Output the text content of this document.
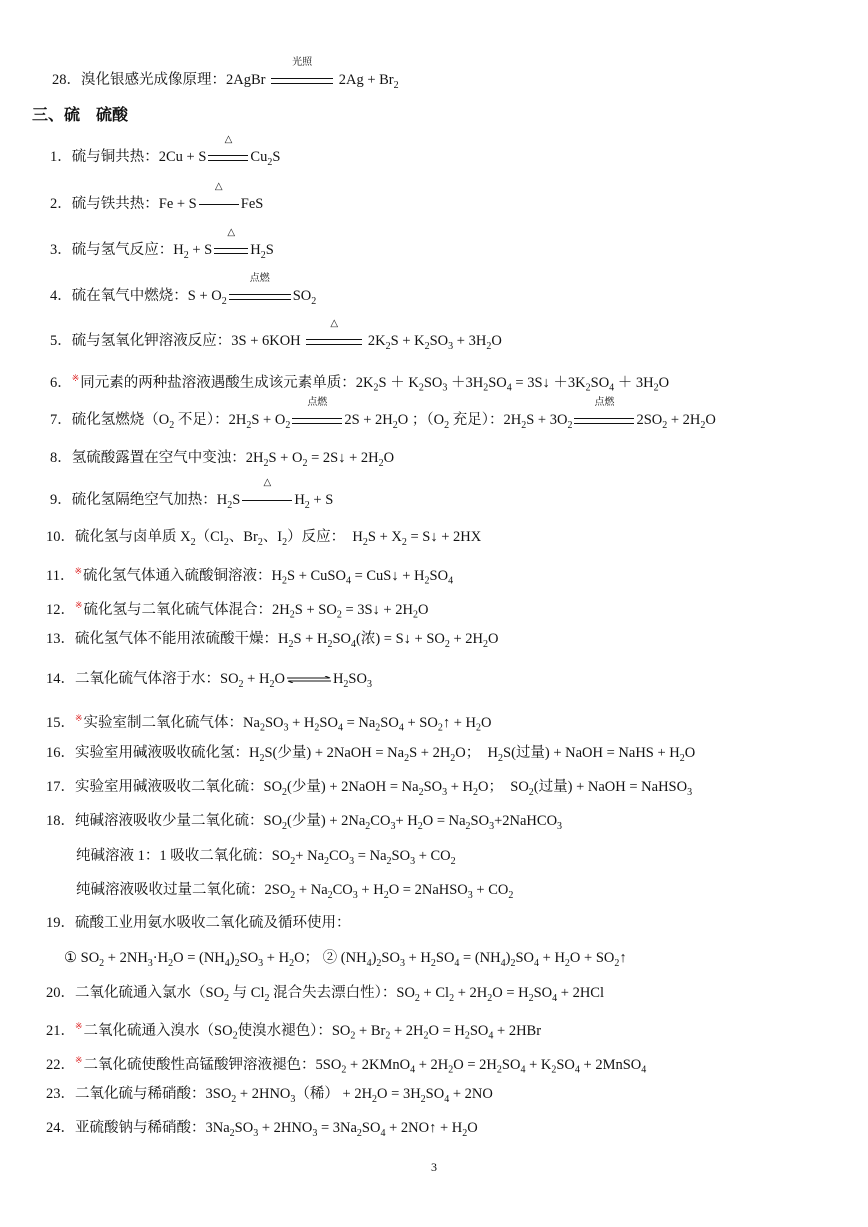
28．溴化银感光成像原理：2AgBr
光照
$2Ag + Br_2$
三、硫　硫酸
1．硫与铜共热：2Cu + S
△
$Cu_2S$
2．硫与铁共热：Fe + S
△
FeS
3．硫与氢气反应：$H_2 + S$
△
$H_2S$
4．硫在氧气中燃烧：$S + O_2$
点燃
$SO_2$
5．硫与氢氧化钾溶液反应：3S + 6KOH
△
$2K_2S + K_2SO_3 + 3H_2O$
6．※同元素的两种盐溶液遇酸生成该元素单质：$2K_2S + K_2SO_3 +3H_2SO_4$ = 3S↓ $+3K_2SO_4 + 3H_2O$
7．硫化氢燃烧（$O_2$ 不足）：$2H_2S + O_2$
点燃
$2S + 2H_2O$ ；（$O_2$ 充足）：$2H_2S + 3O_2$
点燃
$2SO_2 + 2H_2O$
8．氢硫酸露置在空气中变浊：$2H_2S + O_2$ = 2S↓ + $2H_2O$
9．硫化氢隔绝空气加热：$H_2S$
△
$H_2 + S$
10．硫化氢与卤单质 $X_2(Cl_2$、$Br_2$、$I_2$）反应：　$H_2S + X_2$ = S↓ + 2HX
11．※硫化氢气体通入硫酸铜溶液：$H_2S$ + CuSO$_4$ = CuS↓ + $H_2SO_4$
12．※硫化氢与二氧化硫气体混合：$2H_2S + SO_2$ = 3S↓ + $2H_2O$
13．硫化氢气体不能用浓硫酸干燥：$H_2S + H_2SO_4$(浓) = S↓ + $SO_2 + 2H_2O$
14．二氧化硫气体溶于水：$SO_2 + H_2O$ ⇌ $H_2SO_3$
15．※实验室制二氧化硫气体：$Na_2SO_3 + H_2SO_4 = Na_2SO_4$ + $SO_2↑ + H_2O$
16．实验室用碱液吸收硫化氢：$H_2S$(少量) + 2NaOH = $Na_2S + 2H_2O$；　$H_2S$(过量) + NaOH = NaHS + $H_2O$
17．实验室用碱液吸收二氧化硫：$SO_2$(少量) + 2NaOH = $Na_2SO_3 + H_2O$；　$SO_2$(过量) + NaOH = NaHSO$_3$
18．纯碱溶液吸收少量二氧化硫：$SO_2$(少量) + $2Na_2CO_3+ H_2O$ = $Na_2SO_3+2NaHCO_3$
纯碱溶液 1：1 吸收二氧化硫：$SO_2+ Na_2CO_3 = Na_2SO_3 + CO_2$
纯碱溶液吸收过量二氧化硫：$2SO_2 + Na_2CO_3 + H_2O$ = 2NaHSO$_3$ + $CO_2$
19．硫酸工业用氨水吸收二氧化硫及循环使用：
① $SO_2 + 2NH_3\cdot H_2O = (NH_4)_2SO_3 + H_2O$； ② $(NH_4)_2SO_3 + H_2SO_4 = (NH_4)_2SO_4 + H_2O$ + $SO_2↑$
20．二氧化硫通入氯水（$SO_2$ 与 $Cl_2$ 混合失去漂白性）：$SO_2 + Cl_2 + 2H_2O = H_2SO_4 + 2HCl$
21．※二氧化硫通入溴水（$SO_2$使溴水褪色）：$SO_2 + Br_2 + 2H_2O = H_2SO_4 + 2HBr$
22．※二氧化硫使酸性高锰酸钾溶液褪色：$5SO_2$ + 2KMnO$_4$ + $2H_2O = 2H_2SO_4 + K_2SO_4$ + 2MnSO$_4$
23．二氧化硫与稀硝酸：$3SO_2 + 2HNO_3$（稀） + $2H_2O = 3H_2SO_4 + 2NO$
24．亚硫酸钠与稀硝酸：$3Na_2SO_3 + 2HNO_3 = 3Na_2SO_4$ + 2NO↑ + $H_2O$
3
